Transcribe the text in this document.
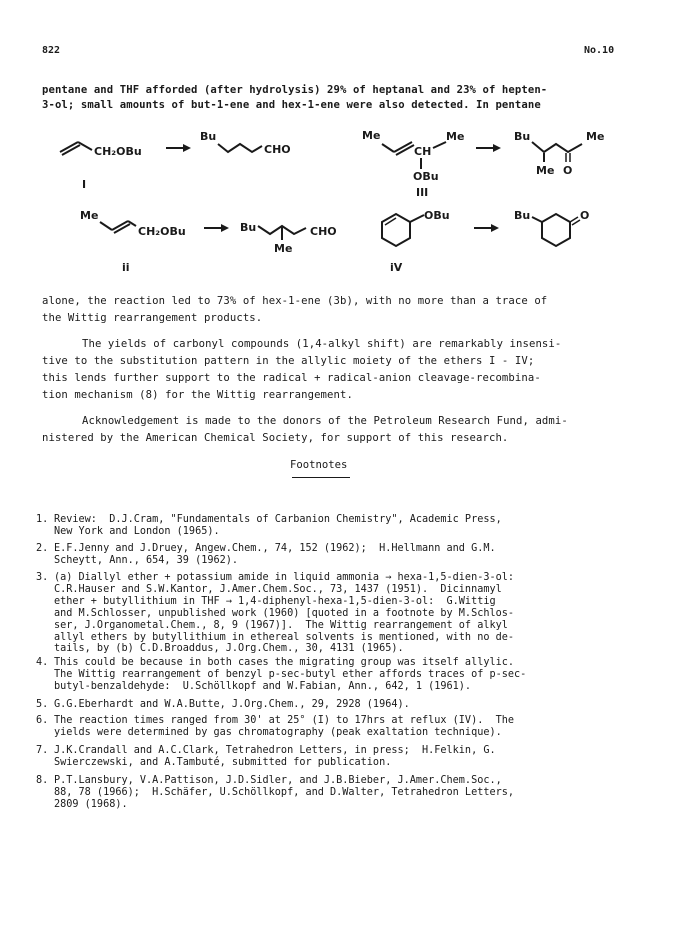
822	No.10
pentane and THF afforded (after hydrolysis) 29% of heptanal and 23% of hepten-
3-ol; small amounts of but-1-ene and hex-1-ene were also detected. In pentane
CH₂OBu
I
Bu
CHO
Me
CH
Me
OBu
III
Bu	Me
Me O
Me
CH₂OBu
ii
Bu
Me
CHO
OBu
iV
Bu	O
alone, the reaction led to 73% of hex-1-ene (3b), with no more than a trace of
the Wittig rearrangement products.
The yields of carbonyl compounds (1,4-alkyl shift) are remarkably insensi-
tive to the substitution pattern in the allylic moiety of the ethers I - IV;
this lends further support to the radical + radical-anion cleavage-recombina-
tion mechanism (8) for the Wittig rearrangement.
Acknowledgement is made to the donors of the Petroleum Research Fund, admi-
nistered by the American Chemical Society, for support of this research.
Footnotes
1. Review:  D.J.Cram, "Fundamentals of Carbanion Chemistry", Academic Press,
New York and London (1965).
2. E.F.Jenny and J.Druey, Angew.Chem., 74, 152 (1962);  H.Hellmann and G.M.
Scheytt, Ann., 654, 39 (1962).
3. (a) Diallyl ether + potassium amide in liquid ammonia → hexa-1,5-dien-3-ol:
C.R.Hauser and S.W.Kantor, J.Amer.Chem.Soc., 73, 1437 (1951).  Dicinnamyl
ether + butyllithium in THF → 1,4-diphenyl-hexa-1,5-dien-3-ol:  G.Wittig
and M.Schlosser, unpublished work (1960) [quoted in a footnote by M.Schlos-
ser, J.Organometal.Chem., 8, 9 (1967)].  The Wittig rearrangement of alkyl
allyl ethers by butyllithium in ethereal solvents is mentioned, with no de-
tails, by (b) C.D.Broaddus, J.Org.Chem., 30, 4131 (1965).
4. This could be because in both cases the migrating group was itself allylic.
The Wittig rearrangement of benzyl p-sec-butyl ether affords traces of p-sec-
butyl-benzaldehyde:  U.Schöllkopf and W.Fabian, Ann., 642, 1 (1961).
5. G.G.Eberhardt and W.A.Butte, J.Org.Chem., 29, 2928 (1964).
6. The reaction times ranged from 30' at 25° (I) to 17hrs at reflux (IV).  The
yields were determined by gas chromatography (peak exaltation technique).
7. J.K.Crandall and A.C.Clark, Tetrahedron Letters, in press;  H.Felkin, G.
Swierczewski, and A.Tambuté, submitted for publication.
8. P.T.Lansbury, V.A.Pattison, J.D.Sidler, and J.B.Bieber, J.Amer.Chem.Soc.,
88, 78 (1966);  H.Schäfer, U.Schöllkopf, and D.Walter, Tetrahedron Letters,
2809 (1968).
